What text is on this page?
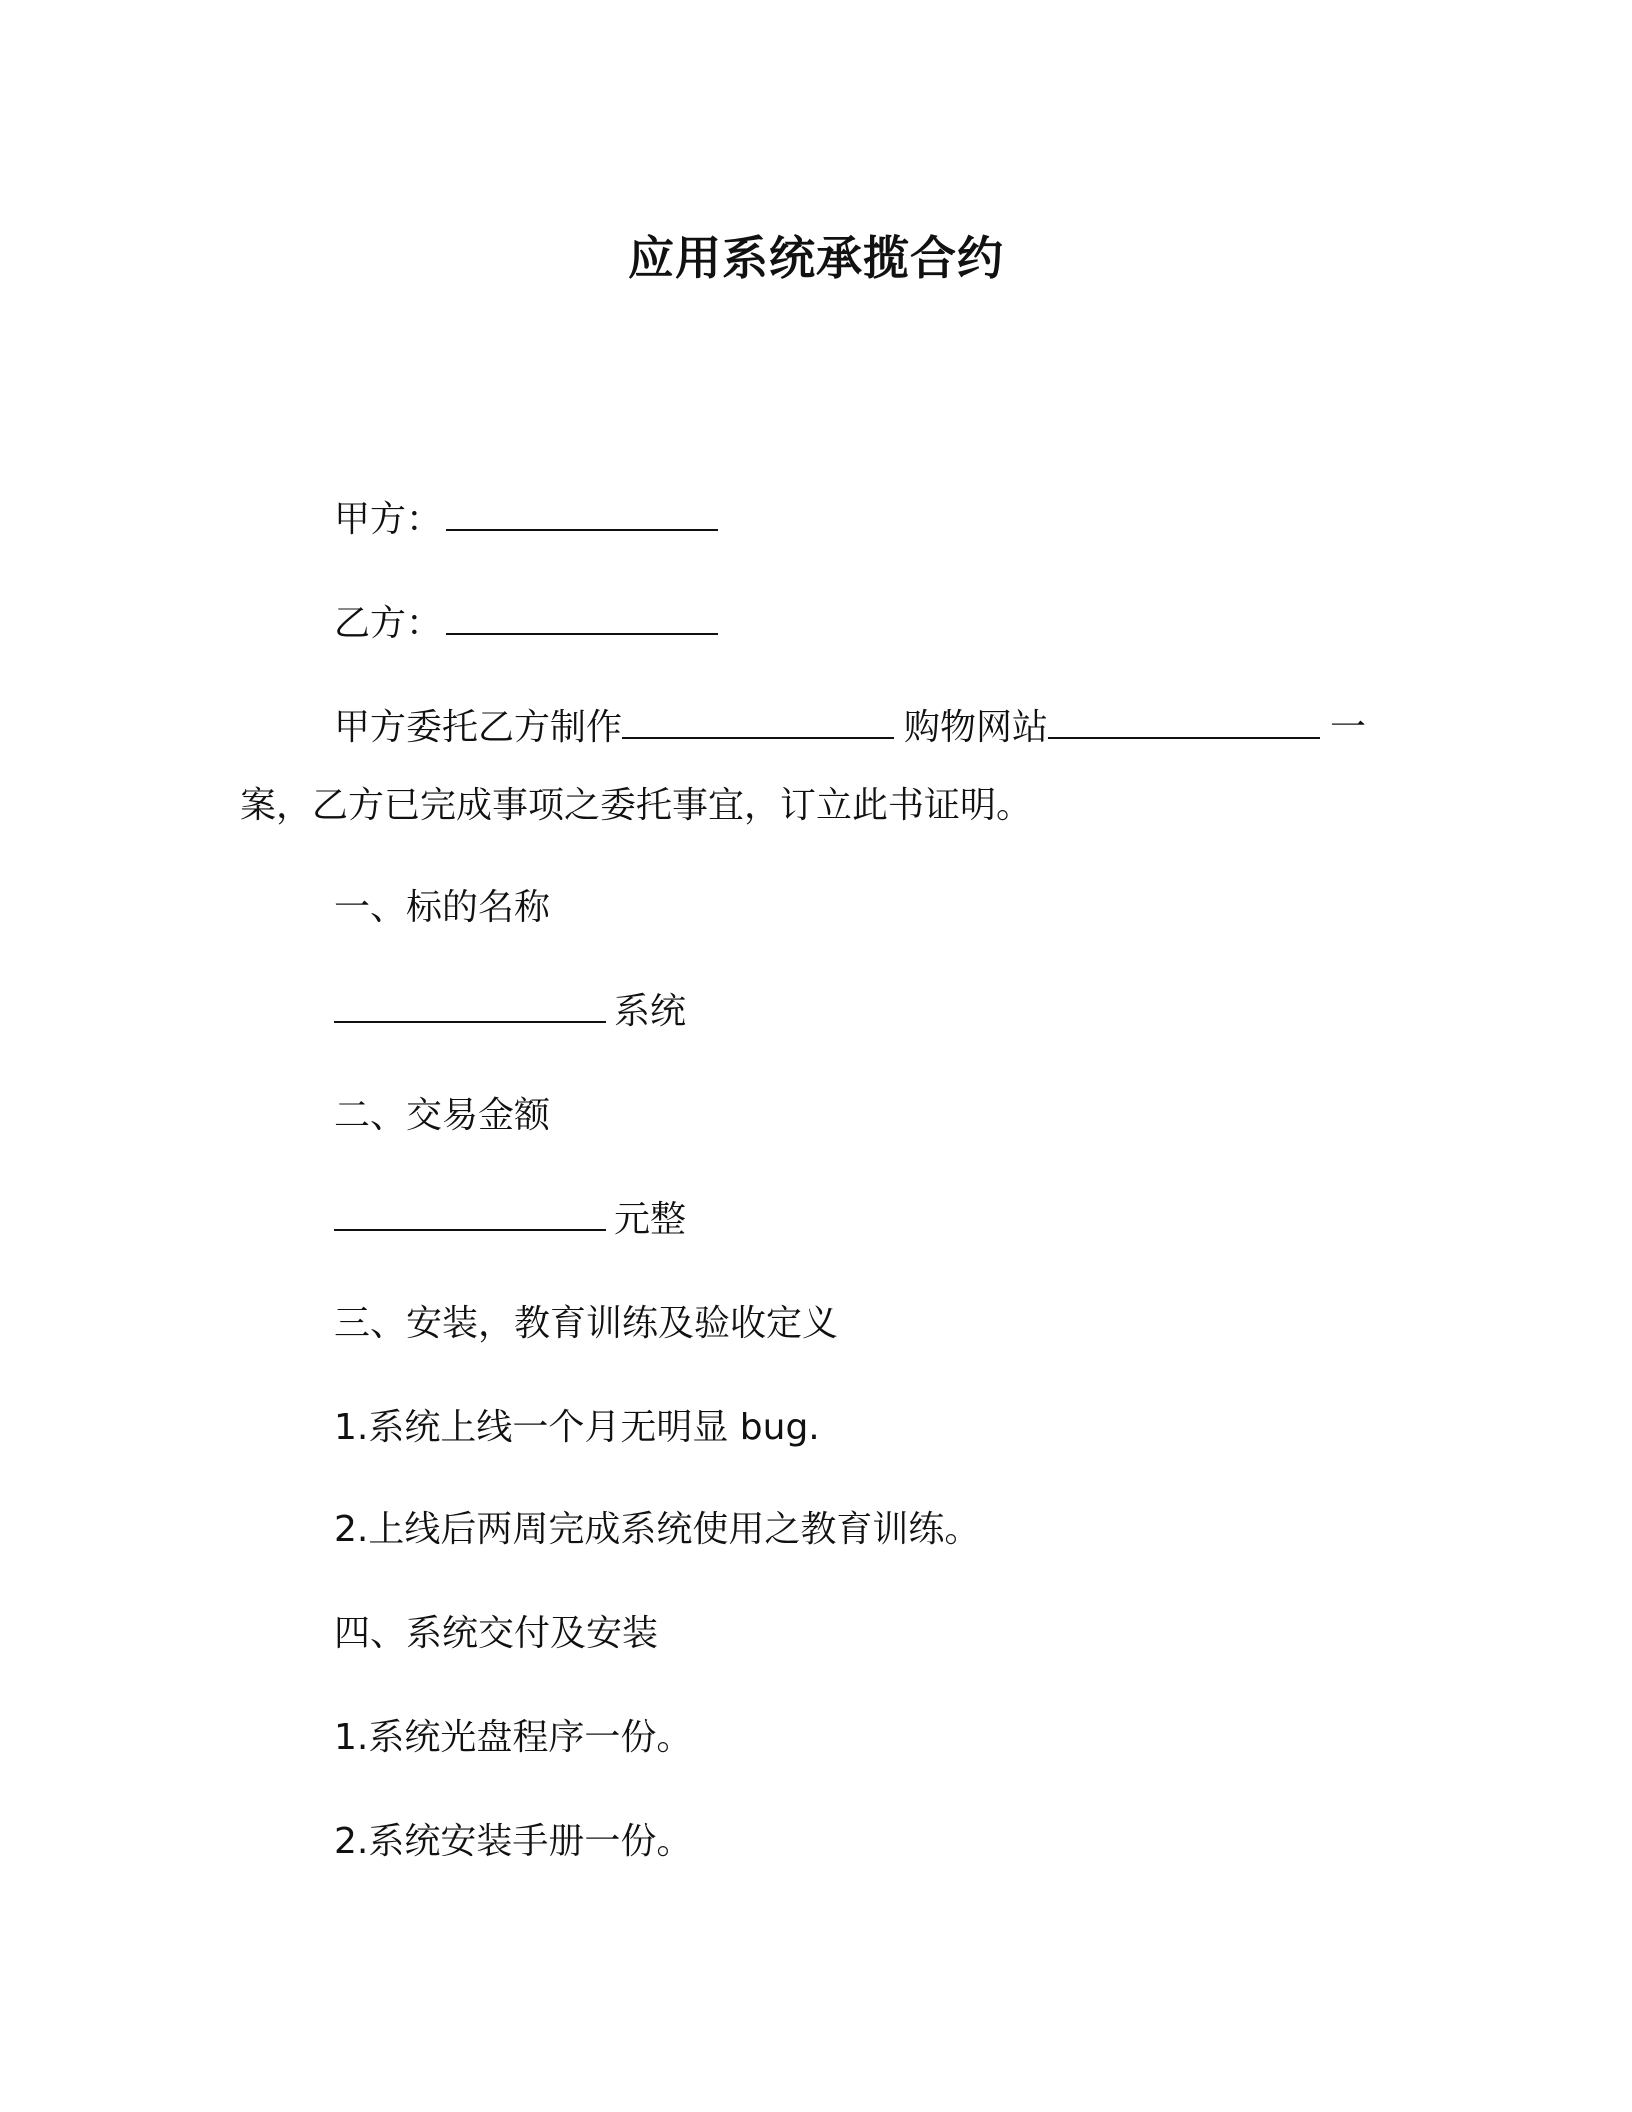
应用系统承揽合约
甲方：
乙方：
甲方委托乙方制作	购物网站	一
案，乙方已完成事项之委托事宜，订立此书证明。
一、标的名称
系统
二、交易金额
元整
三、安装，教育训练及验收定义
1.系统上线一个月无明显 bug.
2.上线后两周完成系统使用之教育训练。
四、系统交付及安装
1.系统光盘程序一份。
2.系统安装手册一份。
